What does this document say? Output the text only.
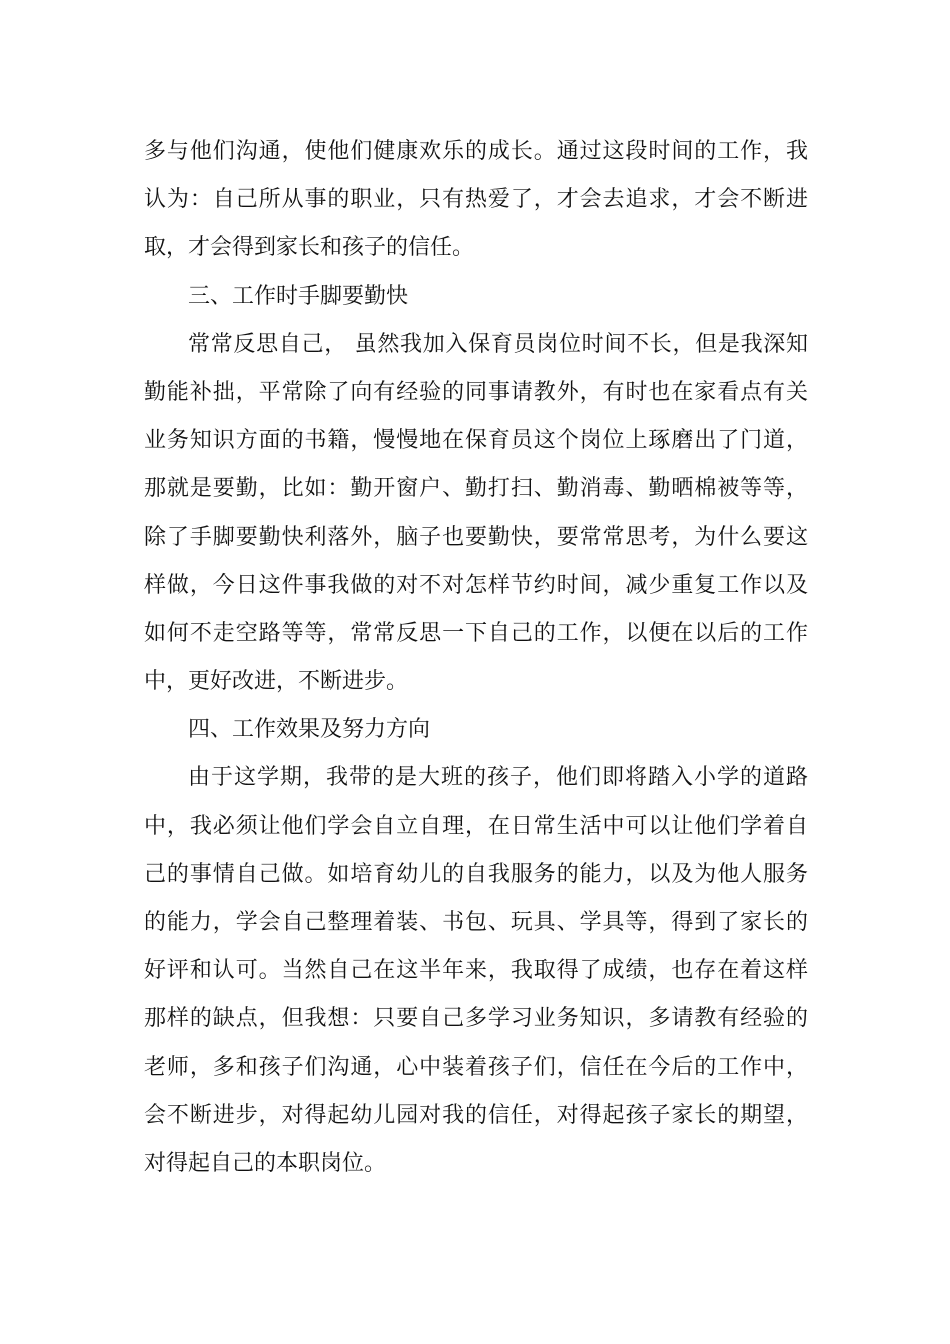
多与他们沟通，使他们健康欢乐的成长。通过这段时间的工作，我
认为：自己所从事的职业，只有热爱了，才会去追求，才会不断进
取，才会得到家长和孩子的信任。
三、工作时手脚要勤快
常常反思自己， 虽然我加入保育员岗位时间不长，但是我深知
勤能补拙，平常除了向有经验的同事请教外，有时也在家看点有关
业务知识方面的书籍，慢慢地在保育员这个岗位上琢磨出了门道，
那就是要勤，比如：勤开窗户、勤打扫、勤消毒、勤晒棉被等等，
除了手脚要勤快利落外，脑子也要勤快，要常常思考，为什么要这
样做，今日这件事我做的对不对怎样节约时间，减少重复工作以及
如何不走空路等等，常常反思一下自己的工作，以便在以后的工作
中，更好改进，不断进步。
四、工作效果及努力方向
由于这学期，我带的是大班的孩子，他们即将踏入小学的道路
中，我必须让他们学会自立自理，在日常生活中可以让他们学着自
己的事情自己做。如培育幼儿的自我服务的能力，以及为他人服务
的能力，学会自己整理着装、书包、玩具、学具等，得到了家长的
好评和认可。当然自己在这半年来，我取得了成绩，也存在着这样
那样的缺点，但我想：只要自己多学习业务知识，多请教有经验的
老师，多和孩子们沟通，心中装着孩子们，信任在今后的工作中，
会不断进步，对得起幼儿园对我的信任，对得起孩子家长的期望，
对得起自己的本职岗位。
